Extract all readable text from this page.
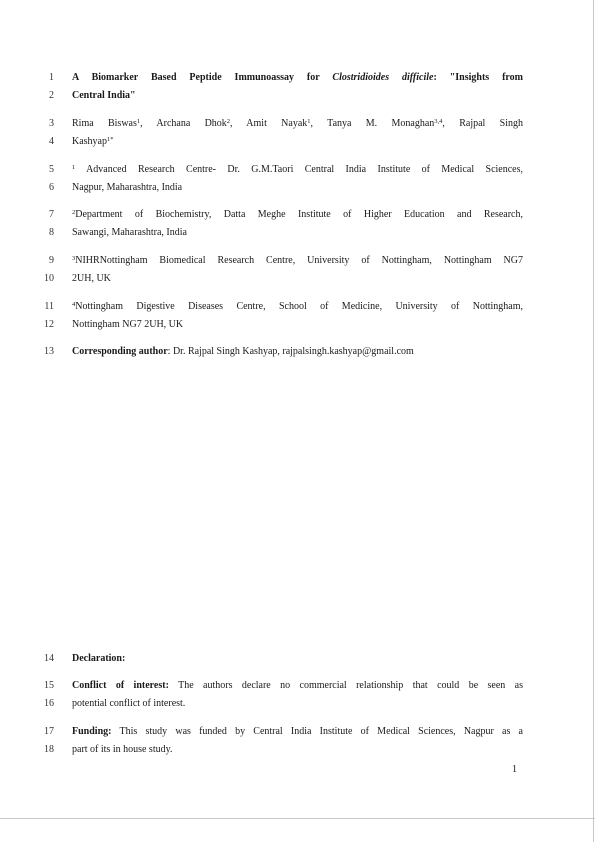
1
2
3
4
5
6
7
8
9
10
11
12
13
14
15
16
17
18
A Biomarker Based Peptide Immunoassay for Clostridioides difficile: "Insights from
Central India"
Rima Biswas$^1$, Archana Dhok$^2$, Amit Nayak$^1$, Tanya M. Monaghan$^{3,4}$, Rajpal Singh
Kashyap$^{1*}$
$^1$ Advanced Research Centre- Dr. G.M.Taori Central India Institute of Medical Sciences,
Nagpur, Maharashtra, India
$^2$Department of Biochemistry, Datta Meghe Institute of Higher Education and Research,
Sawangi, Maharashtra, India
$^3$NIHRNottingham Biomedical Research Centre, University of Nottingham, Nottingham NG7
2UH, UK
$^4$Nottingham Digestive Diseases Centre, School of Medicine, University of Nottingham,
Nottingham NG7 2UH, UK
Corresponding author: Dr. Rajpal Singh Kashyap, rajpalsingh.kashyap@gmail.com
Declaration:
Conflict of interest: The authors declare no commercial relationship that could be seen as
potential conflict of interest.
Funding: This study was funded by Central India Institute of Medical Sciences, Nagpur as a
part of its in house study.
1
